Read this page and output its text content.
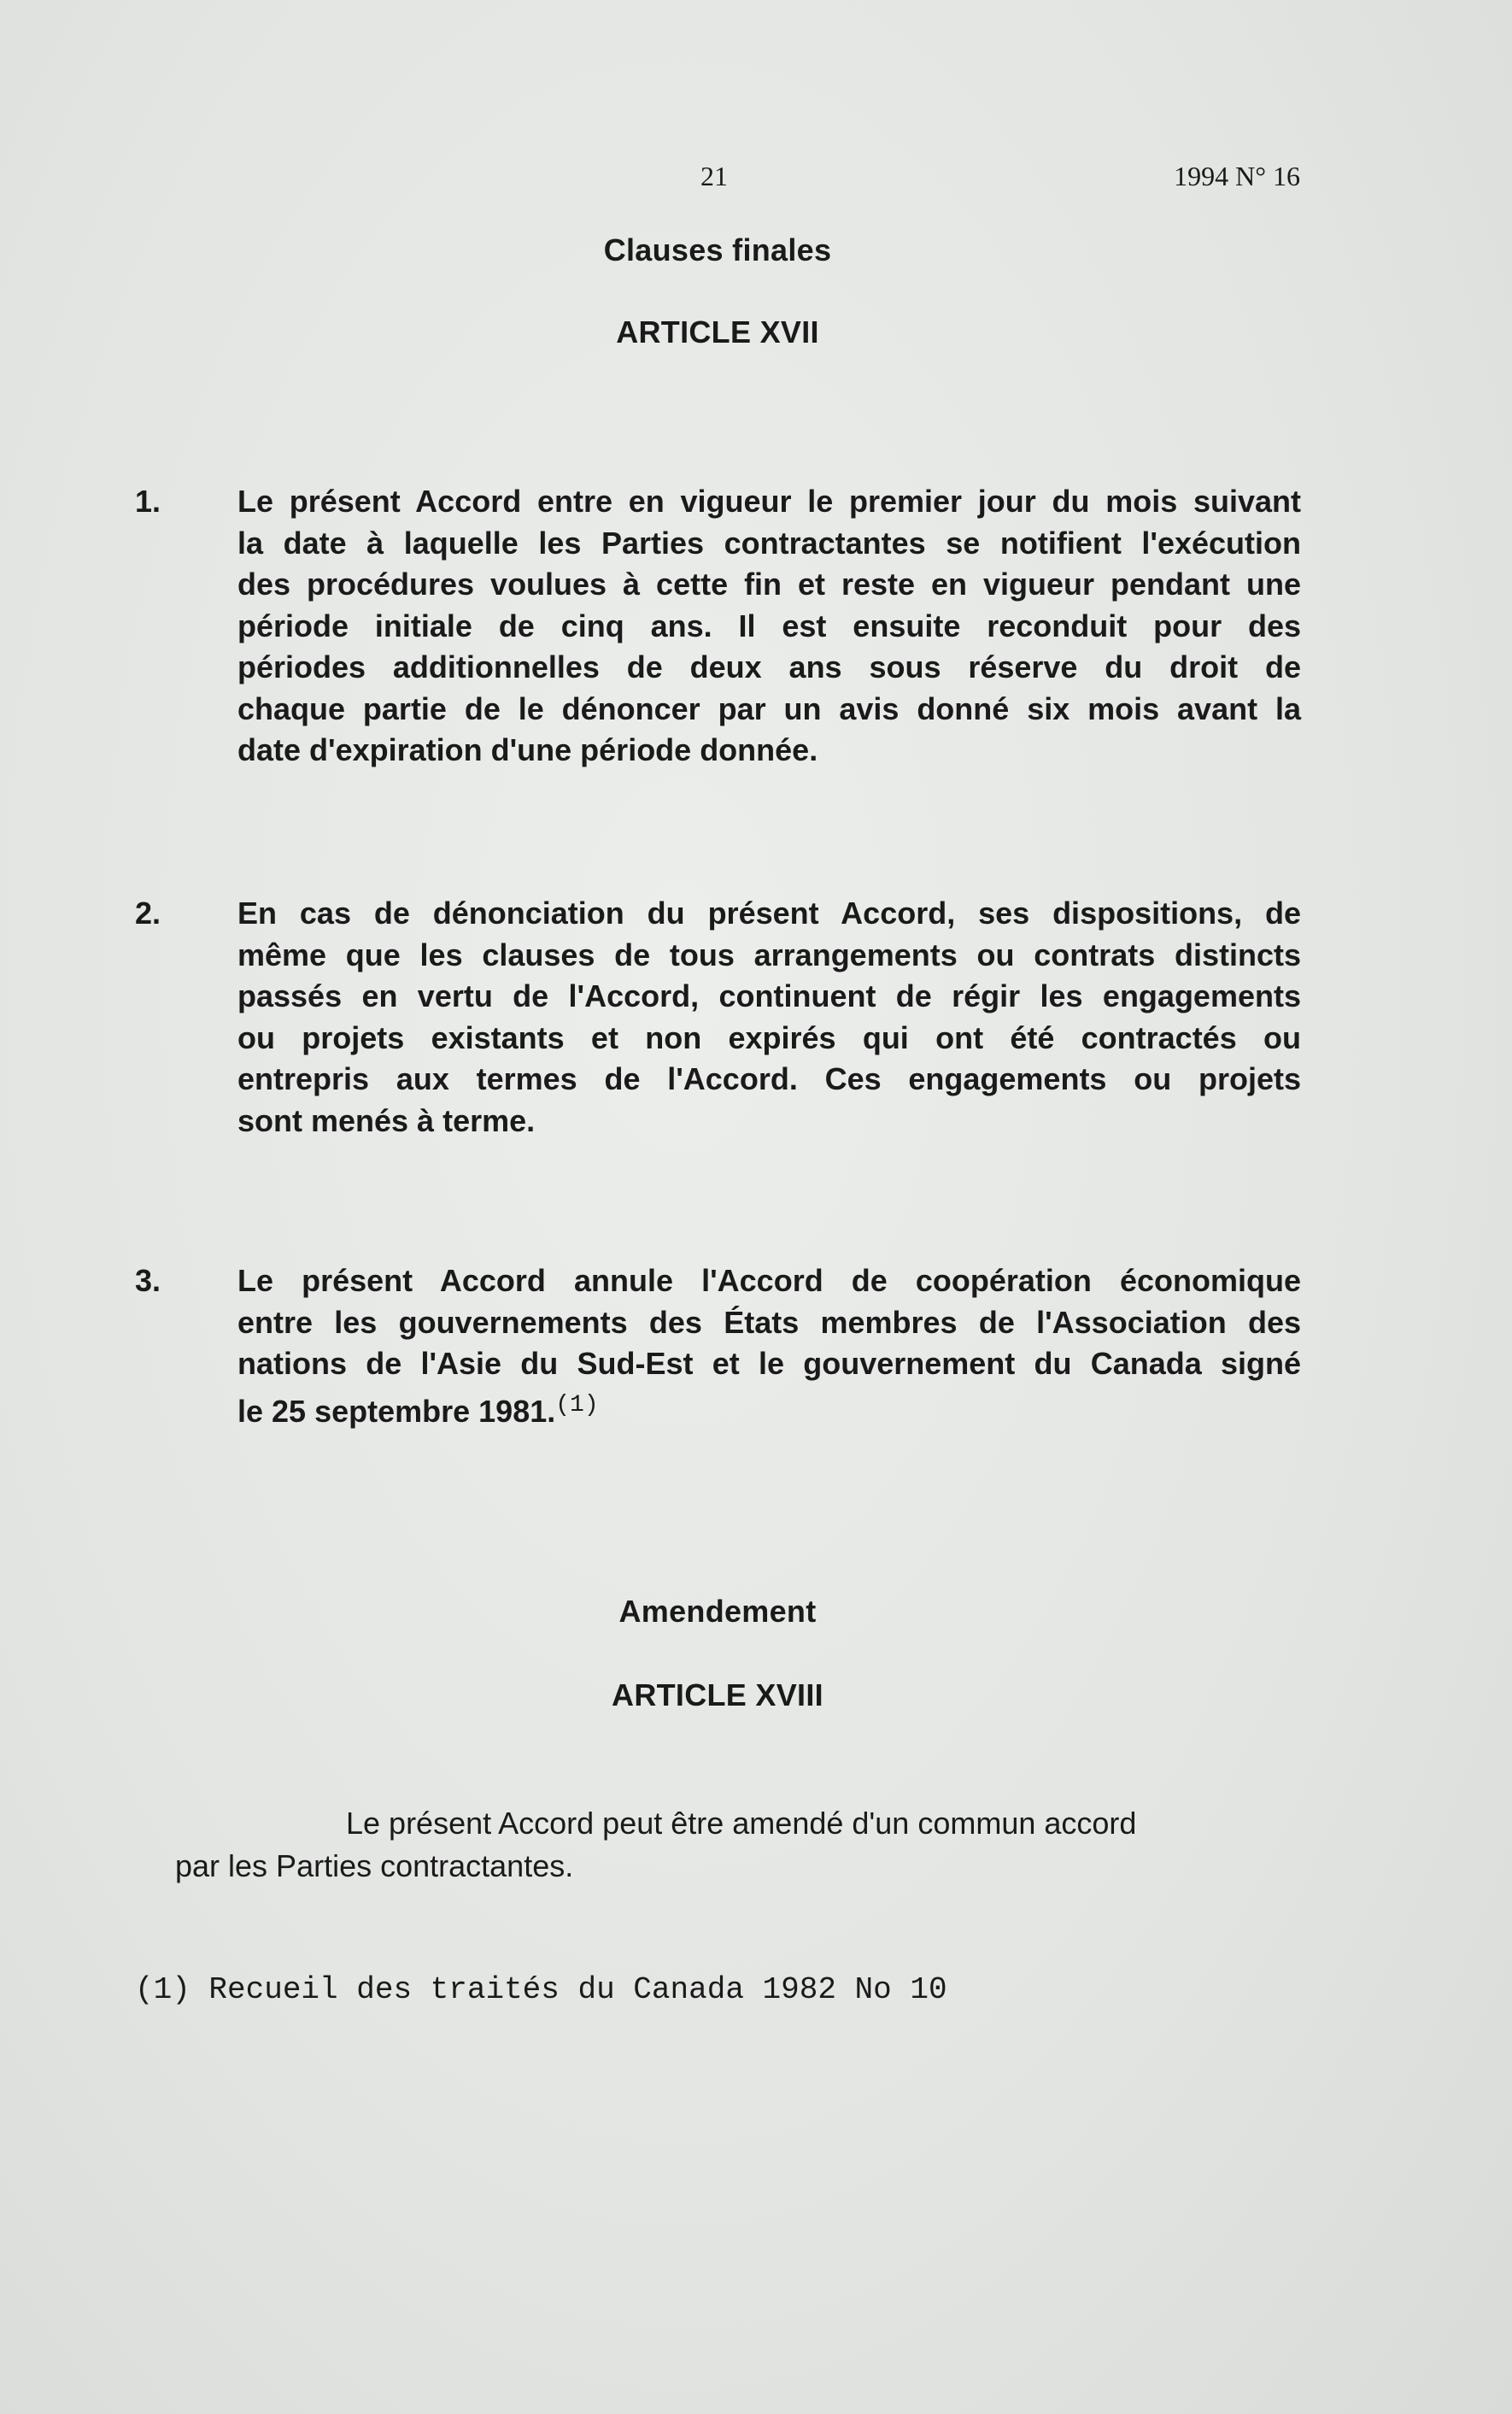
21	1994 N° 16
Clauses finales
ARTICLE XVII
1. Le présent Accord entre en vigueur le premier jour du mois suivant
la date à laquelle les Parties contractantes se notifient l'exécution
des procédures voulues à cette fin et reste en vigueur pendant une
période initiale de cinq ans. Il est ensuite reconduit pour des
périodes additionnelles de deux ans sous réserve du droit de
chaque partie de le dénoncer par un avis donné six mois avant la
date d'expiration d'une période donnée.
2. En cas de dénonciation du présent Accord, ses dispositions, de
même que les clauses de tous arrangements ou contrats distincts
passés en vertu de l'Accord, continuent de régir les engagements
ou projets existants et non expirés qui ont été contractés ou
entrepris aux termes de l'Accord. Ces engagements ou projets
sont menés à terme.
3. Le présent Accord annule l'Accord de coopération économique
entre les gouvernements des États membres de l'Association des
nations de l'Asie du Sud-Est et le gouvernement du Canada signé
le 25 septembre 1981.$^{(1)}$
Amendement
ARTICLE XVIII
Le présent Accord peut être amendé d'un commun accord
par les Parties contractantes.
(1) Recueil des traités du Canada 1982 No 10
